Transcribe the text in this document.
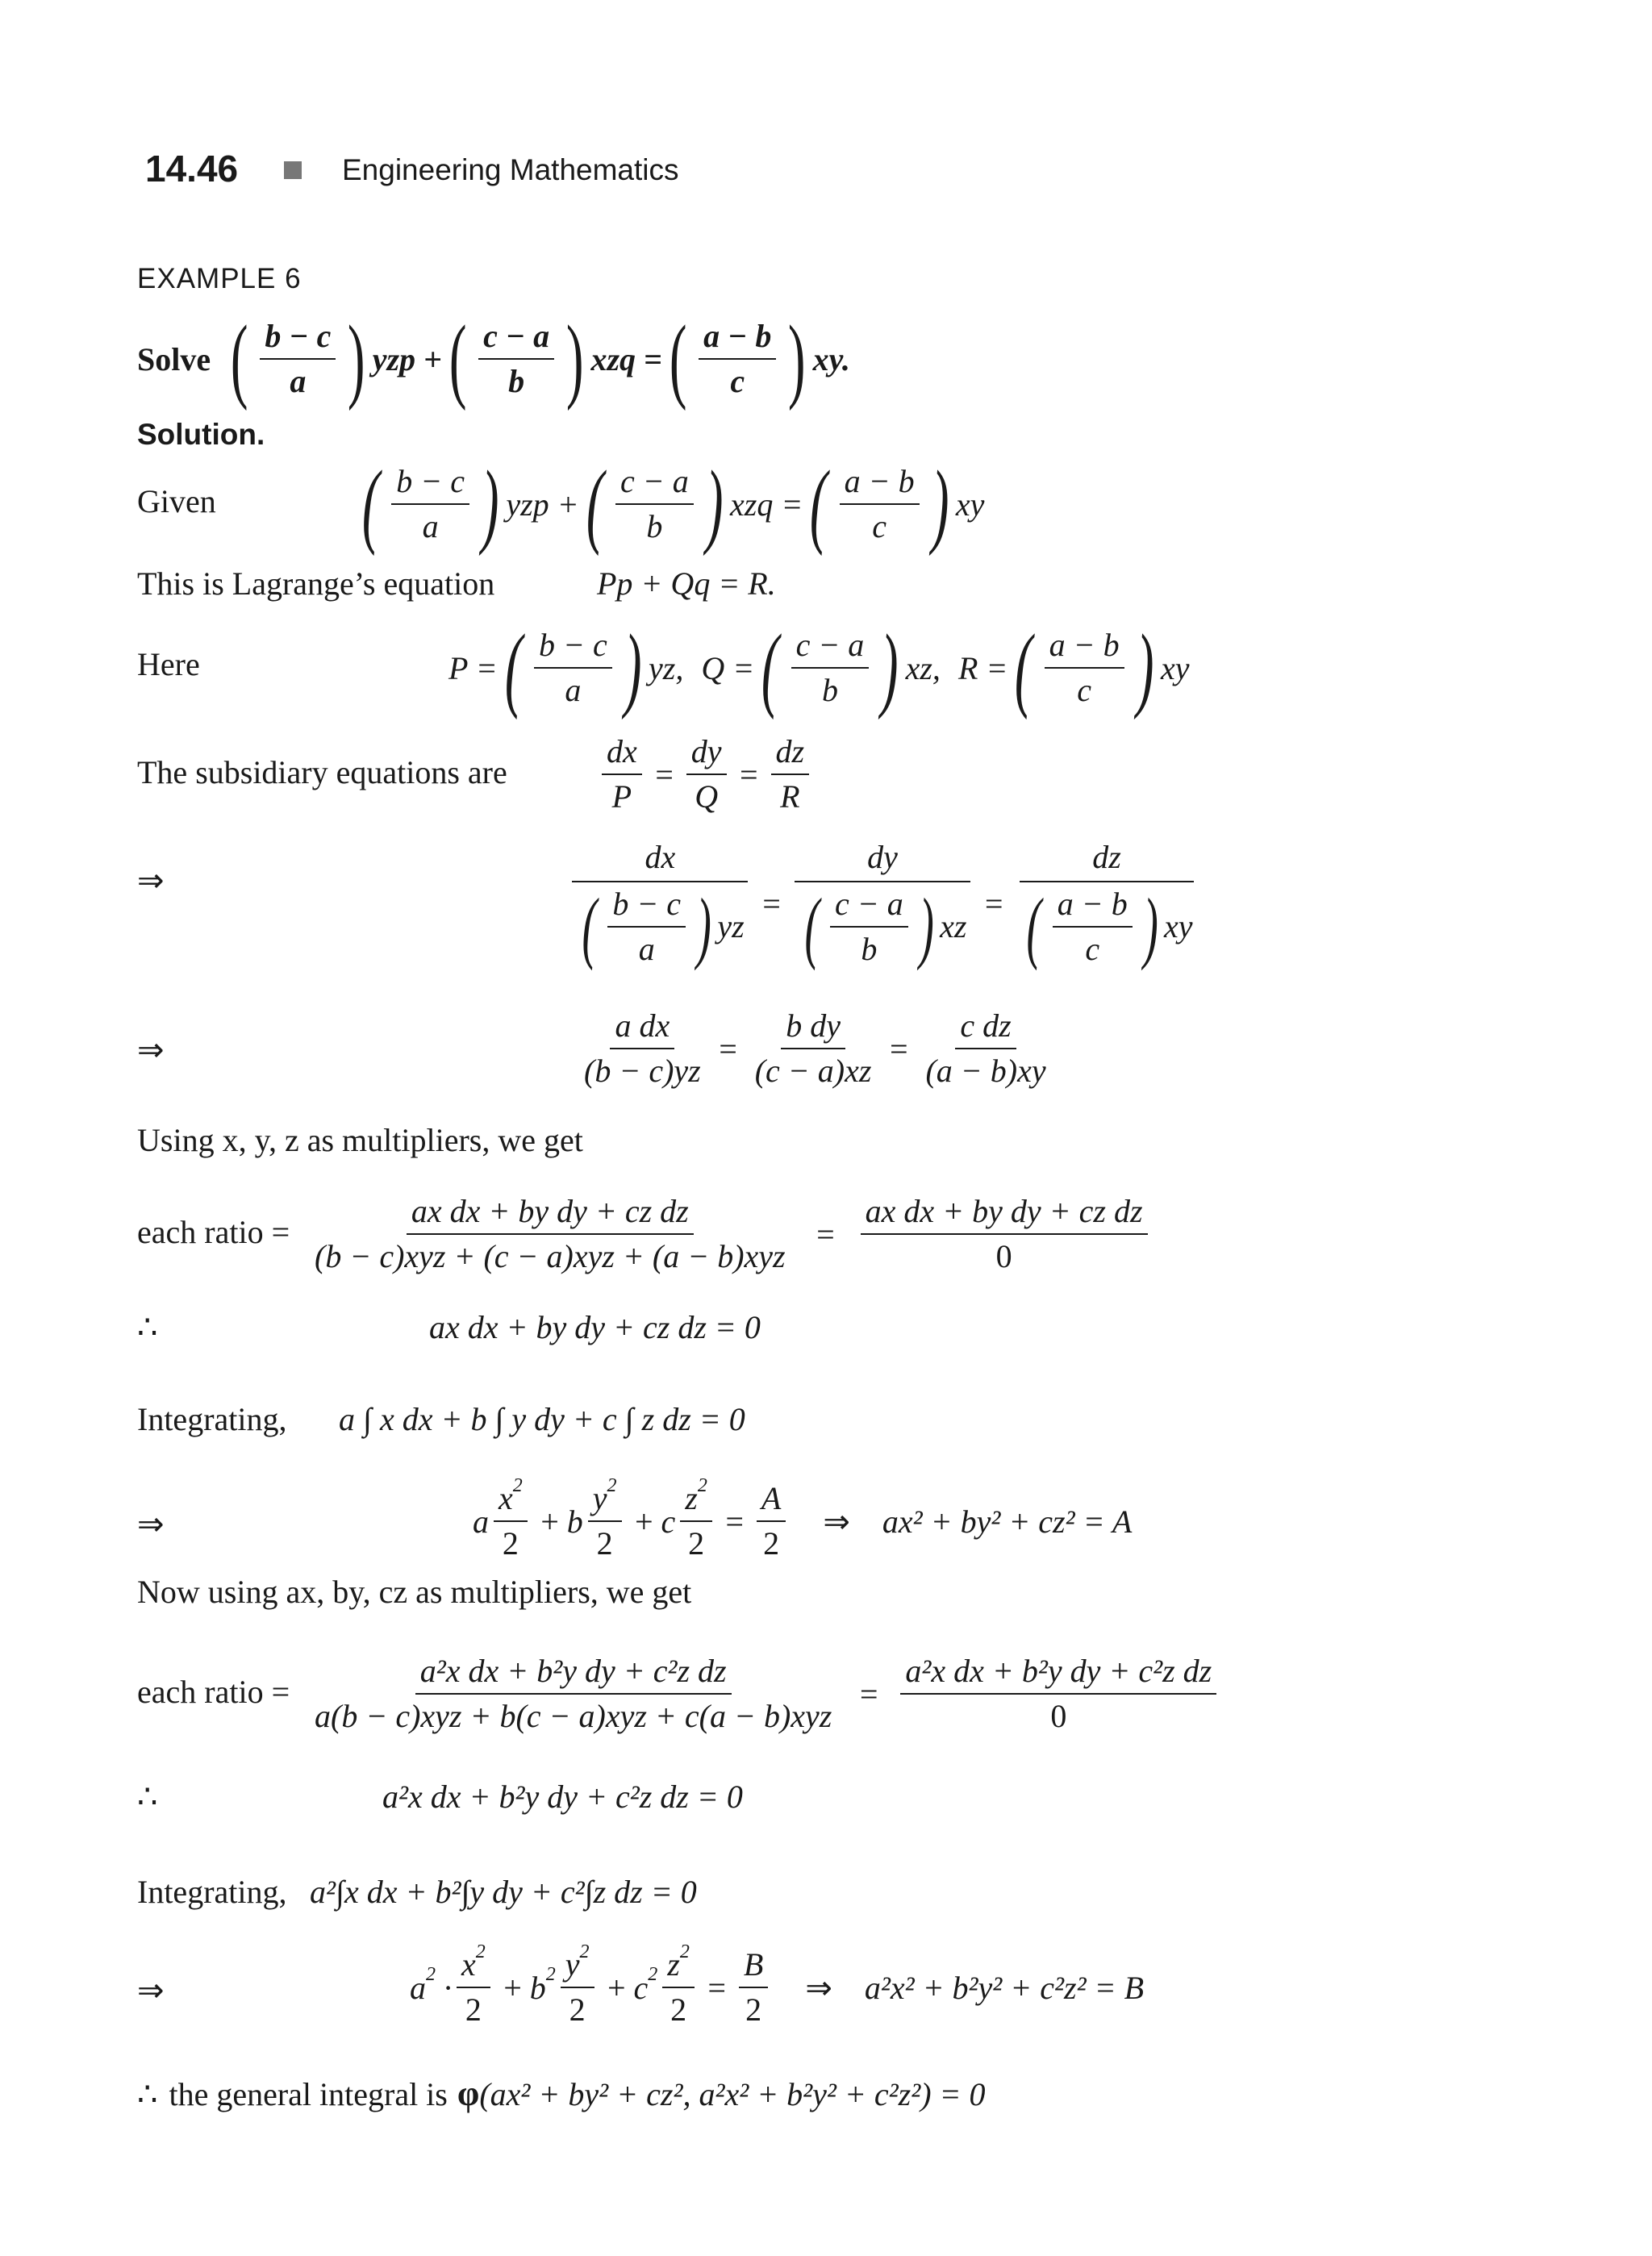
14.46	Engineering Mathematics
EXAMPLE 6
Solve ( $\frac{b - c}{a}$ ) yzp + ( $\frac{c - a}{b}$ ) xzq = ( $\frac{a - b}{c}$ ) xy.
Solution.
Given ( $\frac{b - c}{a}$ ) yzp + ( $\frac{c - a}{b}$ ) xzq = ( $\frac{a - b}{c}$ ) xy
This is Lagrange’s equation	Pp + Qq = R.
Here	P = ( $\frac{b - c}{a}$ ) yz, Q = ( $\frac{c - a}{b}$ ) xz, R = ( $\frac{a - b}{c}$ ) xy
The subsidiary equations are	$\frac{dx}{P} = \frac{dy}{Q} = \frac{dz}{R}$
⇒	$\frac{dx}{( \frac{b - c}{a} ) yz} = \frac{dy}{( \frac{c - a}{b} ) xz} = \frac{dz}{( \frac{a - b}{c} ) xy}$
⇒	$\frac{\text{a dx}}{(b - c)yz} = \frac{\text{b dy}}{(c - a)xz} = \frac{\text{c dz}}{(a - b)xy}$
Using x, y, z as multipliers, we get
each ratio = $\frac{\text{ax dx + by dy + cz dz}}{\text{(b − c)xyz + (c − a)xyz + (a − b)xyz}} = \frac{\text{ax dx + by dy + cz dz}}{0}$
∴	ax dx + by dy + cz dz = 0
Integrating, a ∫ x dx + b ∫ y dy + c ∫ z dz = 0
⇒	a $\frac{x^2}{2} + b \frac{y^2}{2} + c \frac{z^2}{2} = \frac{A}{2}$ ⇒ ax² + by² + cz² = A
Now using ax, by, cz as multipliers, we get
each ratio = $\frac{\text{a²x dx + b²y dy + c²z dz}}{\text{a(b − c)xyz + b(c − a)xyz + c(a − b)xyz}} = \frac{\text{a²x dx + b²y dy + c²z dz}}{0}$
∴	a²x dx + b²y dy + c²z dz = 0
Integrating, a²∫x dx + b²∫y dy + c²∫z dz = 0
⇒	$a^2 \cdot \frac{x^2}{2} + b^2 \frac{y^2}{2} + c^2 \frac{z^2}{2} = \frac{B}{2}$ ⇒ a²x² + b²y² + c²z² = B
∴ the general integral is φ (ax² + by² + cz², a²x² + b²y² + c²z²) = 0
